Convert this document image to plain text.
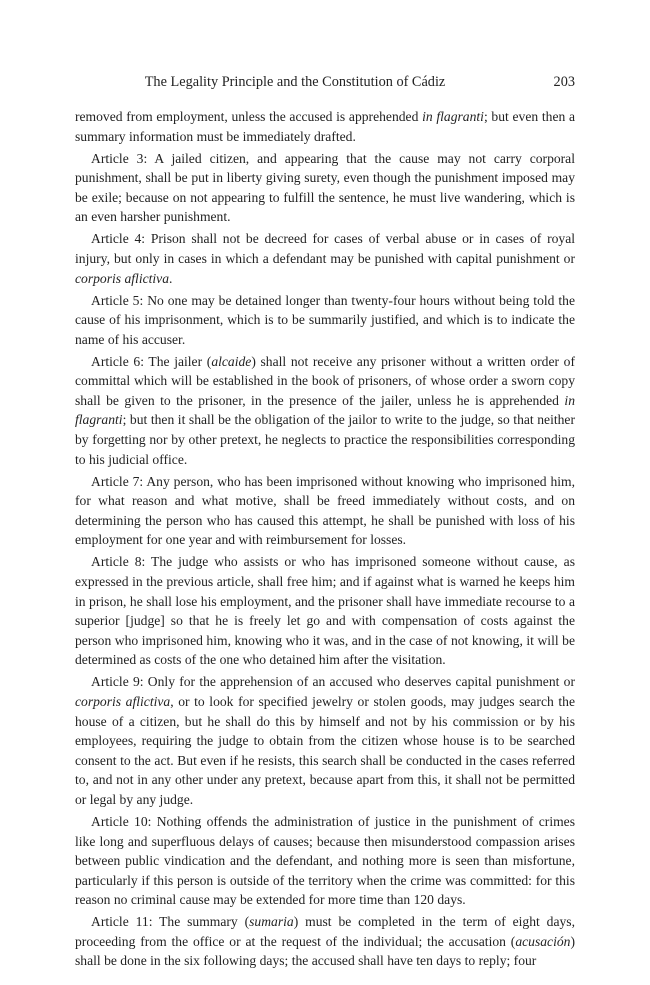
The Legality Principle and the Constitution of Cádiz	203

removed from employment, unless the accused is apprehended in flagranti; but even then a summary information must be immediately drafted.

Article 3: A jailed citizen, and appearing that the cause may not carry corporal punishment, shall be put in liberty giving surety, even though the punishment imposed may be exile; because on not appearing to fulfill the sentence, he must live wandering, which is an even harsher punishment.

Article 4: Prison shall not be decreed for cases of verbal abuse or in cases of royal injury, but only in cases in which a defendant may be punished with capital punishment or corporis aflictiva.

Article 5: No one may be detained longer than twenty-four hours without being told the cause of his imprisonment, which is to be summarily justified, and which is to indicate the name of his accuser.

Article 6: The jailer (alcaide) shall not receive any prisoner without a written order of committal which will be established in the book of prisoners, of whose order a sworn copy shall be given to the prisoner, in the presence of the jailer, unless he is apprehended in flagranti; but then it shall be the obligation of the jailor to write to the judge, so that neither by forgetting nor by other pretext, he neglects to practice the responsibilities corresponding to his judicial office.

Article 7: Any person, who has been imprisoned without knowing who imprisoned him, for what reason and what motive, shall be freed immediately without costs, and on determining the person who has caused this attempt, he shall be punished with loss of his employment for one year and with reimbursement for losses.

Article 8: The judge who assists or who has imprisoned someone without cause, as expressed in the previous article, shall free him; and if against what is warned he keeps him in prison, he shall lose his employment, and the prisoner shall have immediate recourse to a superior [judge] so that he is freely let go and with compensation of costs against the person who imprisoned him, knowing who it was, and in the case of not knowing, it will be determined as costs of the one who detained him after the visitation.

Article 9: Only for the apprehension of an accused who deserves capital punishment or corporis aflictiva, or to look for specified jewelry or stolen goods, may judges search the house of a citizen, but he shall do this by himself and not by his commission or by his employees, requiring the judge to obtain from the citizen whose house is to be searched consent to the act. But even if he resists, this search shall be conducted in the cases referred to, and not in any other under any pretext, because apart from this, it shall not be permitted or legal by any judge.

Article 10: Nothing offends the administration of justice in the punishment of crimes like long and superfluous delays of causes; because then misunderstood compassion arises between public vindication and the defendant, and nothing more is seen than misfortune, particularly if this person is outside of the territory when the crime was committed: for this reason no criminal cause may be extended for more time than 120 days.

Article 11: The summary (sumaria) must be completed in the term of eight days, proceeding from the office or at the request of the individual; the accusation (acusación) shall be done in the six following days; the accused shall have ten days to reply; four
